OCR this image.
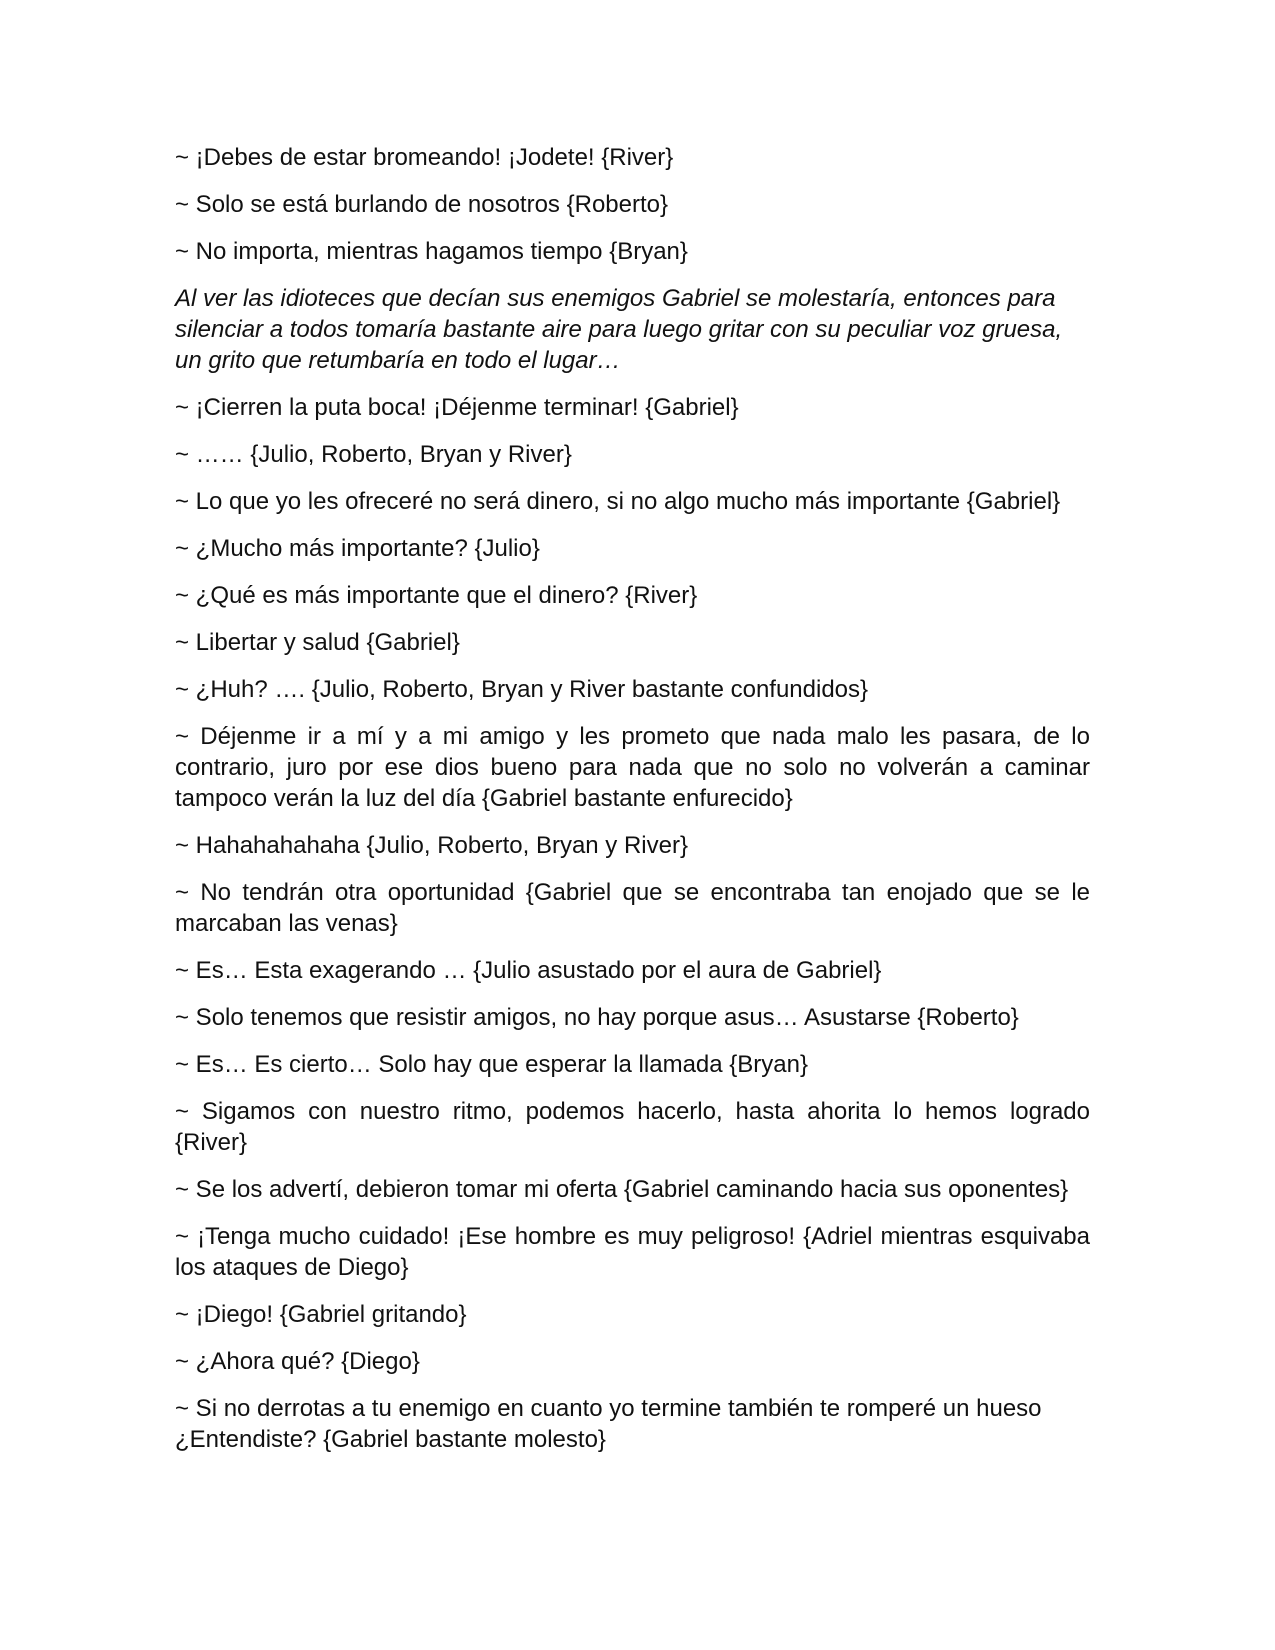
~ ¡Debes de estar bromeando! ¡Jodete! {River}

~ Solo se está burlando de nosotros {Roberto}

~ No importa, mientras hagamos tiempo {Bryan}

Al ver las idioteces que decían sus enemigos Gabriel se molestaría, entonces para silenciar a todos tomaría bastante aire para luego gritar con su peculiar voz gruesa, un grito que retumbaría en todo el lugar…

~ ¡Cierren la puta boca! ¡Déjenme terminar! {Gabriel}

~ …… {Julio, Roberto, Bryan y River}

~ Lo que yo les ofreceré no será dinero, si no algo mucho más importante {Gabriel}

~ ¿Mucho más importante? {Julio}

~ ¿Qué es más importante que el dinero? {River}

~ Libertar y salud {Gabriel}

~ ¿Huh? …. {Julio, Roberto, Bryan y River bastante confundidos}

~ Déjenme ir a mí y a mi amigo y les prometo que nada malo les pasara, de lo contrario, juro por ese dios bueno para nada que no solo no volverán a caminar tampoco verán la luz del día {Gabriel bastante enfurecido}

~ Hahahahahaha {Julio, Roberto, Bryan y River}

~ No tendrán otra oportunidad {Gabriel que se encontraba tan enojado que se le marcaban las venas}

~ Es… Esta exagerando … {Julio asustado por el aura de Gabriel}

~ Solo tenemos que resistir amigos, no hay porque asus… Asustarse {Roberto}

~ Es… Es cierto… Solo hay que esperar la llamada {Bryan}

~ Sigamos con nuestro ritmo, podemos hacerlo, hasta ahorita lo hemos logrado {River}

~ Se los advertí, debieron tomar mi oferta {Gabriel caminando hacia sus oponentes}

~ ¡Tenga mucho cuidado! ¡Ese hombre es muy peligroso! {Adriel mientras esquivaba los ataques de Diego}

~ ¡Diego! {Gabriel gritando}

~ ¿Ahora qué? {Diego}

~ Si no derrotas a tu enemigo en cuanto yo termine también te romperé un hueso ¿Entendiste? {Gabriel bastante molesto}
